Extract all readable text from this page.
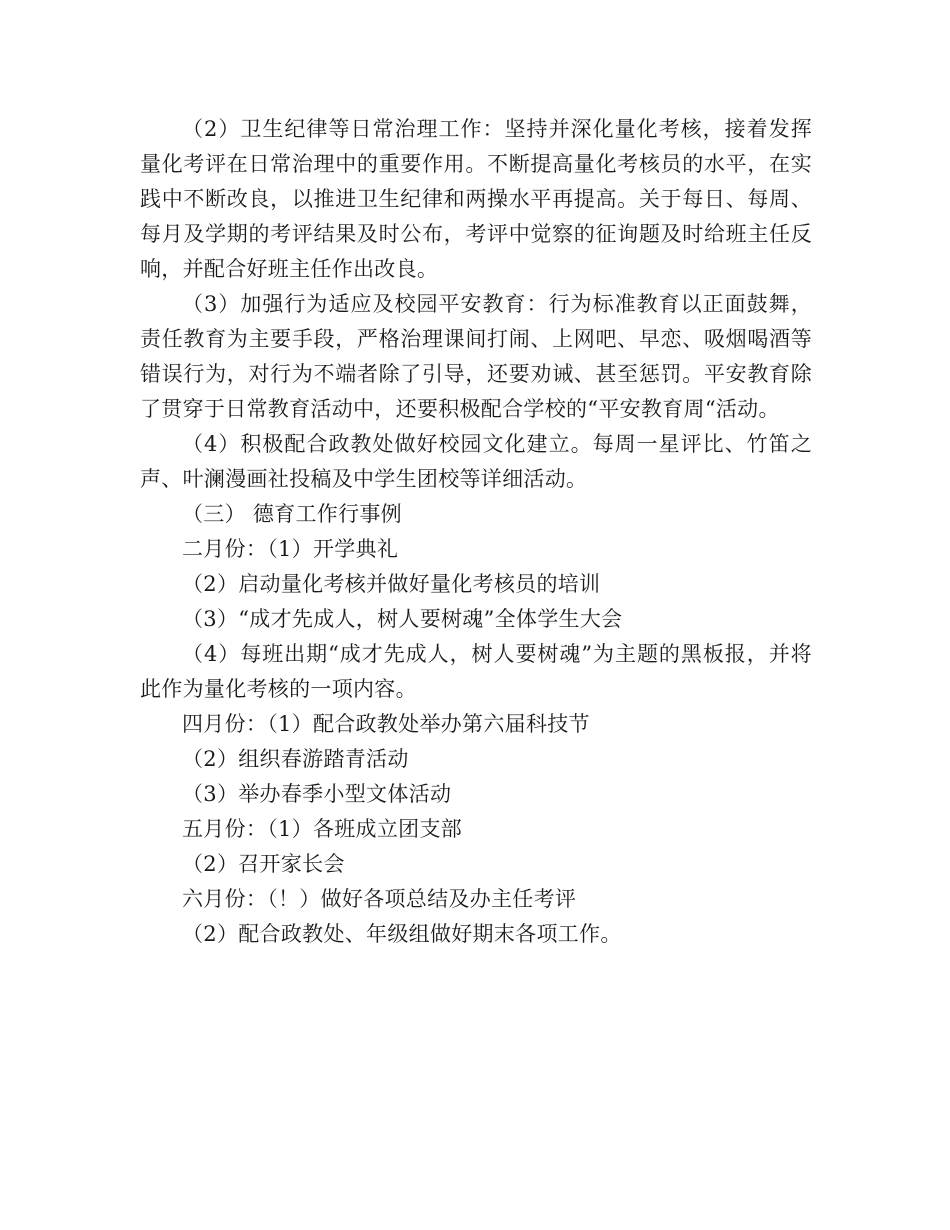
（2）卫生纪律等日常治理工作：坚持并深化量化考核，接着发挥量化考评在日常治理中的重要作用。不断提高量化考核员的水平，在实践中不断改良，以推进卫生纪律和两操水平再提高。关于每日、每周、每月及学期的考评结果及时公布，考评中觉察的征询题及时给班主任反响，并配合好班主任作出改良。

（3）加强行为适应及校园平安教育：行为标准教育以正面鼓舞，责任教育为主要手段，严格治理课间打闹、上网吧、早恋、吸烟喝酒等错误行为，对行为不端者除了引导，还要劝诫、甚至惩罚。平安教育除了贯穿于日常教育活动中，还要积极配合学校的“平安教育周“活动。

（4）积极配合政教处做好校园文化建立。每周一星评比、竹笛之声、叶澜漫画社投稿及中学生团校等详细活动。

（三） 德育工作行事例

二月份：（1）开学典礼

（2）启动量化考核并做好量化考核员的培训

（3）“成才先成人，树人要树魂”全体学生大会

（4）每班出期“成才先成人，树人要树魂”为主题的黑板报，并将此作为量化考核的一项内容。

四月份：（1）配合政教处举办第六届科技节

（2）组织春游踏青活动

（3）举办春季小型文体活动

五月份：（1）各班成立团支部

（2）召开家长会

六月份：（！）做好各项总结及办主任考评

（2）配合政教处、年级组做好期末各项工作。
